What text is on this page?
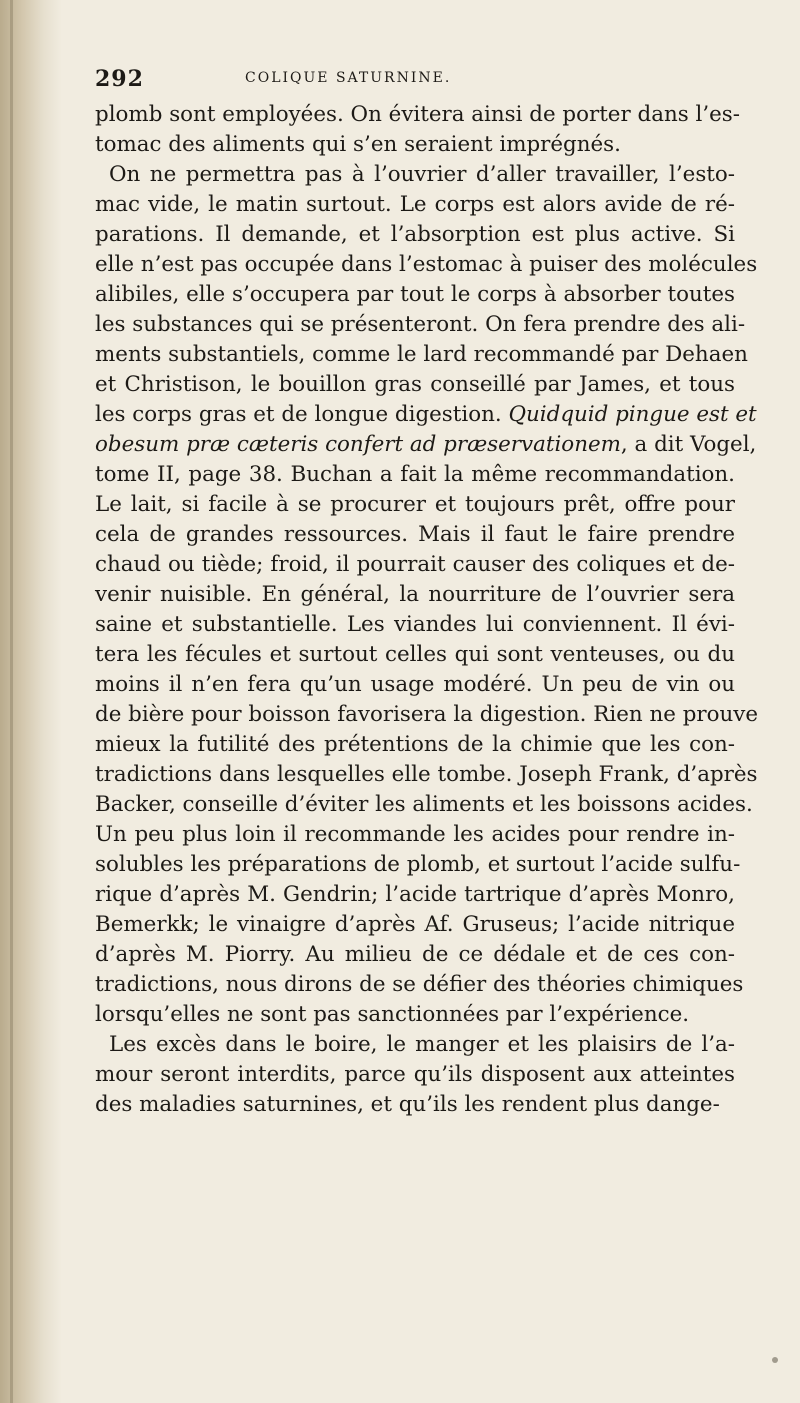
292	COLIQUE SATURNINE.
plomb sont employées. On évitera ainsi de porter dans l’es-
tomac des aliments qui s’en seraient imprégnés.
On ne permettra pas à l’ouvrier d’aller travailler, l’esto-
mac vide, le matin surtout. Le corps est alors avide de ré-
parations. Il demande, et l’absorption est plus active. Si
elle n’est pas occupée dans l’estomac à puiser des molécules
alibiles, elle s’occupera par tout le corps à absorber toutes
les substances qui se présenteront. On fera prendre des ali-
ments substantiels, comme le lard recommandé par Dehaen
et Christison, le bouillon gras conseillé par James, et tous
les corps gras et de longue digestion. Quidquid pingue est et
obesum præ cæteris confert ad præservationem, a dit Vogel,
tome II, page 38. Buchan a fait la même recommandation.
Le lait, si facile à se procurer et toujours prêt, offre pour
cela de grandes ressources. Mais il faut le faire prendre
chaud ou tiède; froid, il pourrait causer des coliques et de-
venir nuisible. En général, la nourriture de l’ouvrier sera
saine et substantielle. Les viandes lui conviennent. Il évi-
tera les fécules et surtout celles qui sont venteuses, ou du
moins il n’en fera qu’un usage modéré. Un peu de vin ou
de bière pour boisson favorisera la digestion. Rien ne prouve
mieux la futilité des prétentions de la chimie que les con-
tradictions dans lesquelles elle tombe. Joseph Frank, d’après
Backer, conseille d’éviter les aliments et les boissons acides.
Un peu plus loin il recommande les acides pour rendre in-
solubles les préparations de plomb, et surtout l’acide sulfu-
rique d’après M. Gendrin; l’acide tartrique d’après Monro,
Bemerkk; le vinaigre d’après Af. Gruseus; l’acide nitrique
d’après M. Piorry. Au milieu de ce dédale et de ces con-
tradictions, nous dirons de se défier des théories chimiques
lorsqu’elles ne sont pas sanctionnées par l’expérience.
Les excès dans le boire, le manger et les plaisirs de l’a-
mour seront interdits, parce qu’ils disposent aux atteintes
des maladies saturnines, et qu’ils les rendent plus dange-
